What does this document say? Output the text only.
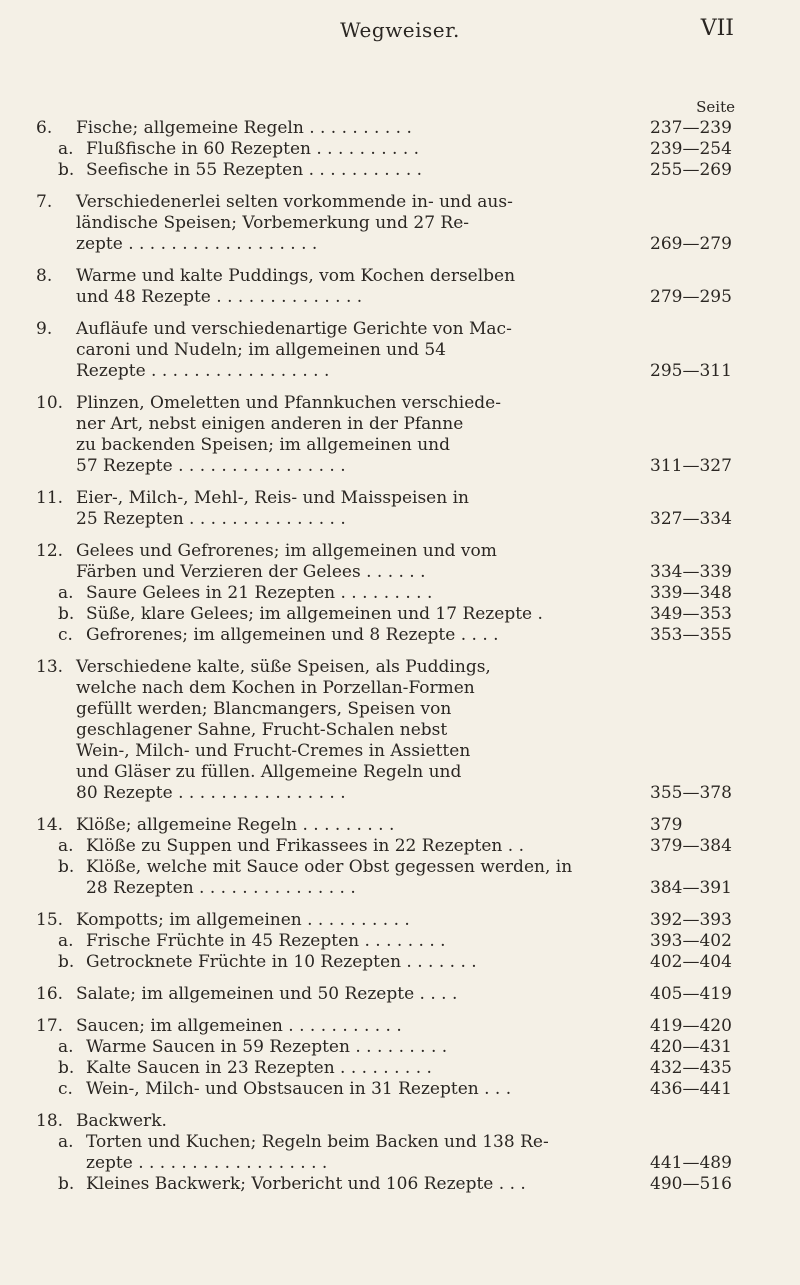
Wegweiser.	VII
Seite
6.	Fische; allgemeine Regeln . . . . . . . . . .	237—239
a. Flußfische in 60 Rezepten . . . . . . . . . .	239—254
b. Seefische in 55 Rezepten . . . . . . . . . . .	255—269
7.	Verschiedenerlei selten vorkommende in- und aus-
ländische Speisen; Vorbemerkung und 27 Re-
zepte . . . . . . . . . . . . . . . . . .	269—279
8.	Warme und kalte Puddings, vom Kochen derselben
und 48 Rezepte . . . . . . . . . . . . . .	279—295
9.	Aufläufe und verschiedenartige Gerichte von Mac-
caroni und Nudeln; im allgemeinen und 54
Rezepte . . . . . . . . . . . . . . . . .	295—311
10. Plinzen, Omeletten und Pfannkuchen verschiede-
ner Art, nebst einigen anderen in der Pfanne
zu backenden Speisen; im allgemeinen und
57 Rezepte . . . . . . . . . . . . . . . .	311—327
11. Eier-, Milch-, Mehl-, Reis- und Maisspeisen in
25 Rezepten . . . . . . . . . . . . . . .	327—334
12. Gelees und Gefrorenes; im allgemeinen und vom
Färben und Verzieren der Gelees . . . . . .	334—339
a. Saure Gelees in 21 Rezepten . . . . . . . . .	339—348
b. Süße, klare Gelees; im allgemeinen und 17 Rezepte .	349—353
c. Gefrorenes; im allgemeinen und 8 Rezepte . . . .	353—355
13. Verschiedene kalte, süße Speisen, als Puddings,
welche nach dem Kochen in Porzellan-Formen
gefüllt werden; Blancmangers, Speisen von
geschlagener Sahne, Frucht-Schalen nebst
Wein-, Milch- und Frucht-Cremes in Assietten
und Gläser zu füllen. Allgemeine Regeln und
80 Rezepte . . . . . . . . . . . . . . . .	355—378
14. Klöße; allgemeine Regeln . . . . . . . . .	379
a. Klöße zu Suppen und Frikassees in 22 Rezepten . .	379—384
b. Klöße, welche mit Sauce oder Obst gegessen werden, in
28 Rezepten . . . . . . . . . . . . . . .	384—391
15. Kompotts; im allgemeinen . . . . . . . . . .	392—393
a. Frische Früchte in 45 Rezepten . . . . . . . .	393—402
b. Getrocknete Früchte in 10 Rezepten . . . . . . .	402—404
16. Salate; im allgemeinen und 50 Rezepte . . . .	405—419
17. Saucen; im allgemeinen . . . . . . . . . . .	419—420
a. Warme Saucen in 59 Rezepten . . . . . . . . .	420—431
b. Kalte Saucen in 23 Rezepten . . . . . . . . .	432—435
c. Wein-, Milch- und Obstsaucen in 31 Rezepten . . .	436—441
18. Backwerk.
a. Torten und Kuchen; Regeln beim Backen und 138 Re-
zepte . . . . . . . . . . . . . . . . . .	441—489
b. Kleines Backwerk; Vorbericht und 106 Rezepte . . .	490—516
